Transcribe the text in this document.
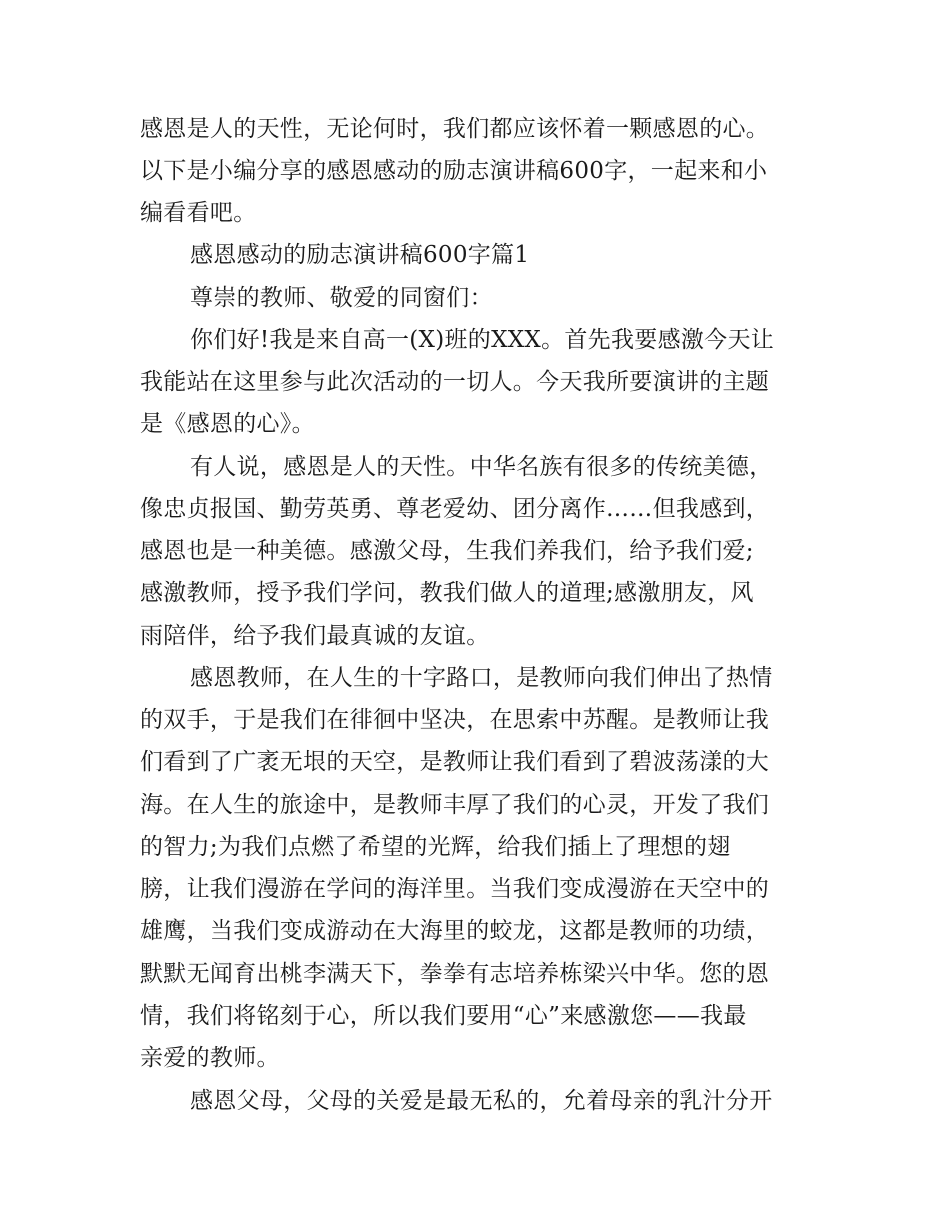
感恩是人的天性，无论何时，我们都应该怀着一颗感恩的心。
以下是小编分享的感恩感动的励志演讲稿600字，一起来和小
编看看吧。
感恩感动的励志演讲稿600字篇1
尊崇的教师、敬爱的同窗们：
你们好!我是来自高一(X)班的XXX。首先我要感激今天让
我能站在这里参与此次活动的一切人。今天我所要演讲的主题
是《感恩的心》。
有人说，感恩是人的天性。中华名族有很多的传统美德，
像忠贞报国、勤劳英勇、尊老爱幼、团分离作……但我感到，
感恩也是一种美德。感激父母，生我们养我们，给予我们爱;
感激教师，授予我们学问，教我们做人的道理;感激朋友，风
雨陪伴，给予我们最真诚的友谊。
感恩教师，在人生的十字路口，是教师向我们伸出了热情
的双手，于是我们在徘徊中坚决，在思索中苏醒。是教师让我
们看到了广袤无垠的天空，是教师让我们看到了碧波荡漾的大
海。在人生的旅途中，是教师丰厚了我们的心灵，开发了我们
的智力;为我们点燃了希望的光辉，给我们插上了理想的翅
膀，让我们漫游在学问的海洋里。当我们变成漫游在天空中的
雄鹰，当我们变成游动在大海里的蛟龙，这都是教师的功绩，
默默无闻育出桃李满天下，拳拳有志培养栋梁兴中华。您的恩
情，我们将铭刻于心，所以我们要用“心”来感激您——我最
亲爱的教师。
感恩父母，父母的关爱是最无私的，允着母亲的乳汁分开
